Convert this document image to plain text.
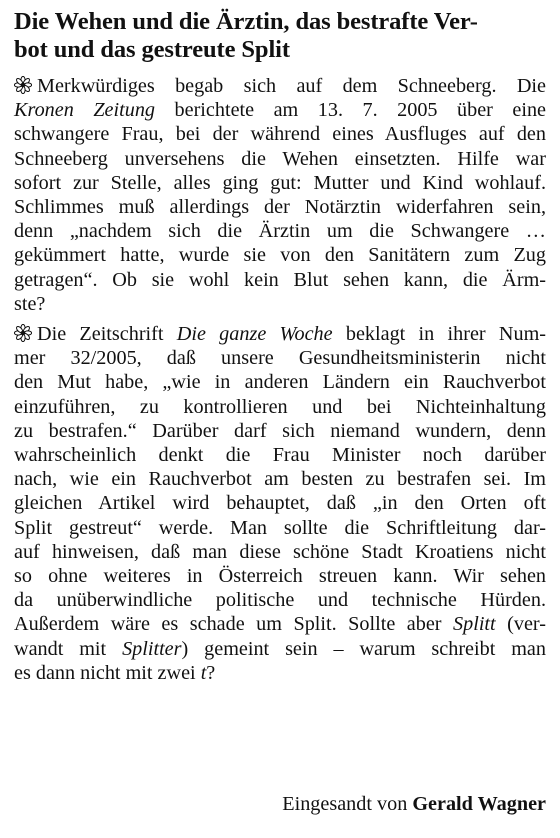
Die Wehen und die Ärztin, das bestrafte Ver-
bot und das gestreute Split

Merkwürdiges begab sich auf dem Schneeberg. Die
Kronen Zeitung berichtete am 13. 7. 2005 über eine
schwangere Frau, bei der während eines Ausfluges auf den
Schneeberg unversehens die Wehen einsetzten. Hilfe war
sofort zur Stelle, alles ging gut: Mutter und Kind wohlauf.
Schlimmes muß allerdings der Notärztin widerfahren sein,
denn „nachdem sich die Ärztin um die Schwangere …
gekümmert hatte, wurde sie von den Sanitätern zum Zug
getragen“. Ob sie wohl kein Blut sehen kann, die Ärm-
ste?

Die Zeitschrift Die ganze Woche beklagt in ihrer Num-
mer 32/2005, daß unsere Gesundheitsministerin nicht
den Mut habe, „wie in anderen Ländern ein Rauchverbot
einzuführen, zu kontrollieren und bei Nichteinhaltung
zu bestrafen.“ Darüber darf sich niemand wundern, denn
wahrscheinlich denkt die Frau Minister noch darüber
nach, wie ein Rauchverbot am besten zu bestrafen sei. Im
gleichen Artikel wird behauptet, daß „in den Orten oft
Split gestreut“ werde. Man sollte die Schriftleitung dar-
auf hinweisen, daß man diese schöne Stadt Kroatiens nicht
so ohne weiteres in Österreich streuen kann. Wir sehen
da unüberwindliche politische und technische Hürden.
Außerdem wäre es schade um Split. Sollte aber Splitt (ver-
wandt mit Splitter) gemeint sein – warum schreibt man
es dann nicht mit zwei t?

Eingesandt von Gerald Wagner
